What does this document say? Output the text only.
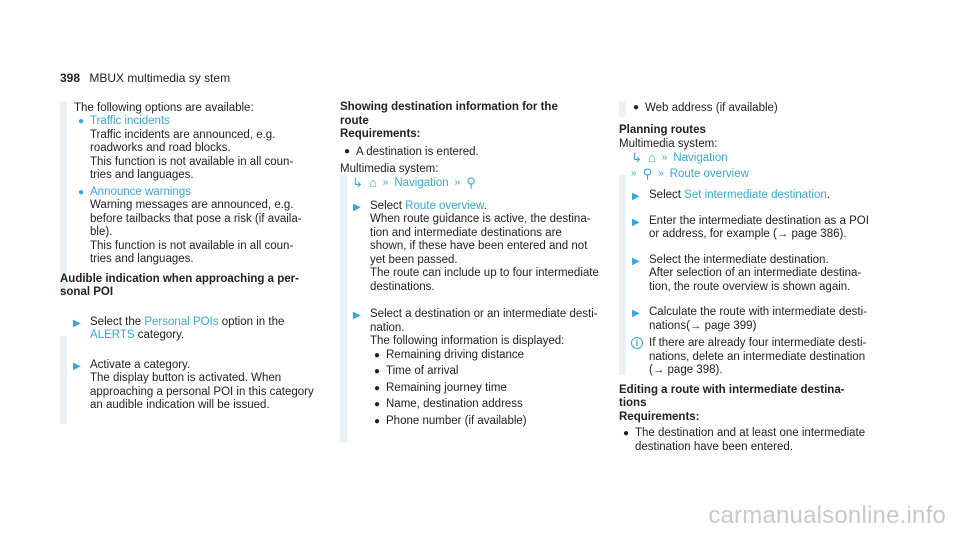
398 MBUX multimedia sy stem

The following options are available:

● Traffic incidents

Traffic incidents are announced, e.g.

roadworks and road blocks.

This function is not available in all coun-

tries and languages.

● Announce warnings

Warning messages are announced, e.g.

before tailbacks that pose a risk (if availa-

ble).

This function is not available in all coun-

tries and languages.

Audible indication when approaching a per-

sonal POI

▶ Select the Personal POIs option in the

ALERTS category.

▶ Activate a category.

The display button is activated. When

approaching a personal POI in this category

an audible indication will be issued.

Showing destination information for the

route

Requirements:

● A destination is entered.

Multimedia system:

↳ ⌂ » Navigation » ⚲
▶ Select Route overview.

When route guidance is active, the destina-

tion and intermediate destinations are

shown, if these have been entered and not

yet been passed.

The route can include up to four intermediate

destinations.

▶ Select a destination or an intermediate desti-

nation.

The following information is displayed:

● Remaining driving distance

● Time of arrival

● Remaining journey time

● Name, destination address

● Phone number (if available)

● Web address (if available)

Planning routes

Multimedia system:

↳ ⌂ » Navigation
» ⚲ » Route overview
▶ Select Set intermediate destination.

▶ Enter the intermediate destination as a POI

or address, for example (→ page 386).

▶ Select the intermediate destination.

After selection of an intermediate destina-

tion, the route overview is shown again.

▶ Calculate the route with intermediate desti-

nations(→ page 399)

i If there are already four intermediate desti-

nations, delete an intermediate destination

(→ page 398).

Editing a route with intermediate destina-

tions

Requirements:

● The destination and at least one intermediate

destination have been entered.

carmanualsonline.info
